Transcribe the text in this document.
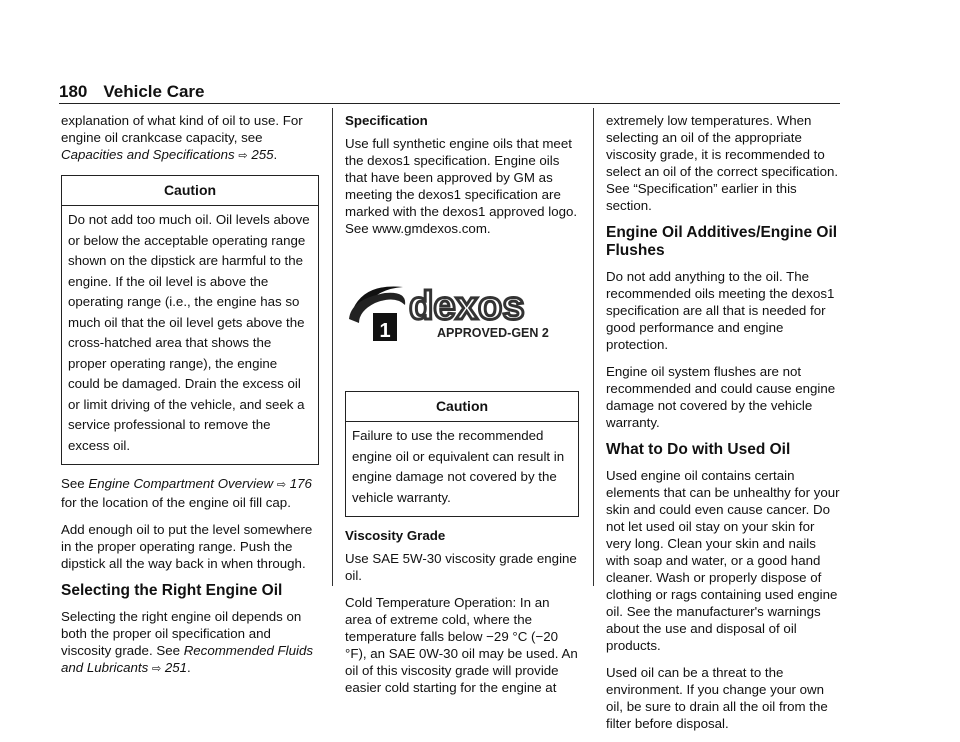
180 Vehicle Care

explanation of what kind of oil to use. For engine oil crankcase capacity, see Capacities and Specifications ⇨ 255.

Caution
Do not add too much oil. Oil levels above or below the acceptable operating range shown on the dipstick are harmful to the engine. If the oil level is above the operating range (i.e., the engine has so much oil that the oil level gets above the cross-hatched area that shows the proper operating range), the engine could be damaged. Drain the excess oil or limit driving of the vehicle, and seek a service professional to remove the excess oil.

See Engine Compartment Overview ⇨ 176 for the location of the engine oil fill cap.

Add enough oil to put the level somewhere in the proper operating range. Push the dipstick all the way back in when through.

Selecting the Right Engine Oil

Selecting the right engine oil depends on both the proper oil specification and viscosity grade. See Recommended Fluids and Lubricants ⇨ 251.

Specification

Use full synthetic engine oils that meet the dexos1 specification. Engine oils that have been approved by GM as meeting the dexos1 specification are marked with the dexos1 approved logo. See www.gmdexos.com.

1
dexos
APPROVED-GEN 2
Caution
Failure to use the recommended engine oil or equivalent can result in engine damage not covered by the vehicle warranty.

Viscosity Grade

Use SAE 5W-30 viscosity grade engine oil.

Cold Temperature Operation: In an area of extreme cold, where the temperature falls below −29 °C (−20 °F), an SAE 0W-30 oil may be used. An oil of this viscosity grade will provide easier cold starting for the engine at

extremely low temperatures. When selecting an oil of the appropriate viscosity grade, it is recommended to select an oil of the correct specification. See “Specification” earlier in this section.

Engine Oil Additives/Engine Oil Flushes

Do not add anything to the oil. The recommended oils meeting the dexos1 specification are all that is needed for good performance and engine protection.

Engine oil system flushes are not recommended and could cause engine damage not covered by the vehicle warranty.

What to Do with Used Oil

Used engine oil contains certain elements that can be unhealthy for your skin and could even cause cancer. Do not let used oil stay on your skin for very long. Clean your skin and nails with soap and water, or a good hand cleaner. Wash or properly dispose of clothing or rags containing used engine oil. See the manufacturer's warnings about the use and disposal of oil products.

Used oil can be a threat to the environment. If you change your own oil, be sure to drain all the oil from the filter before disposal.
